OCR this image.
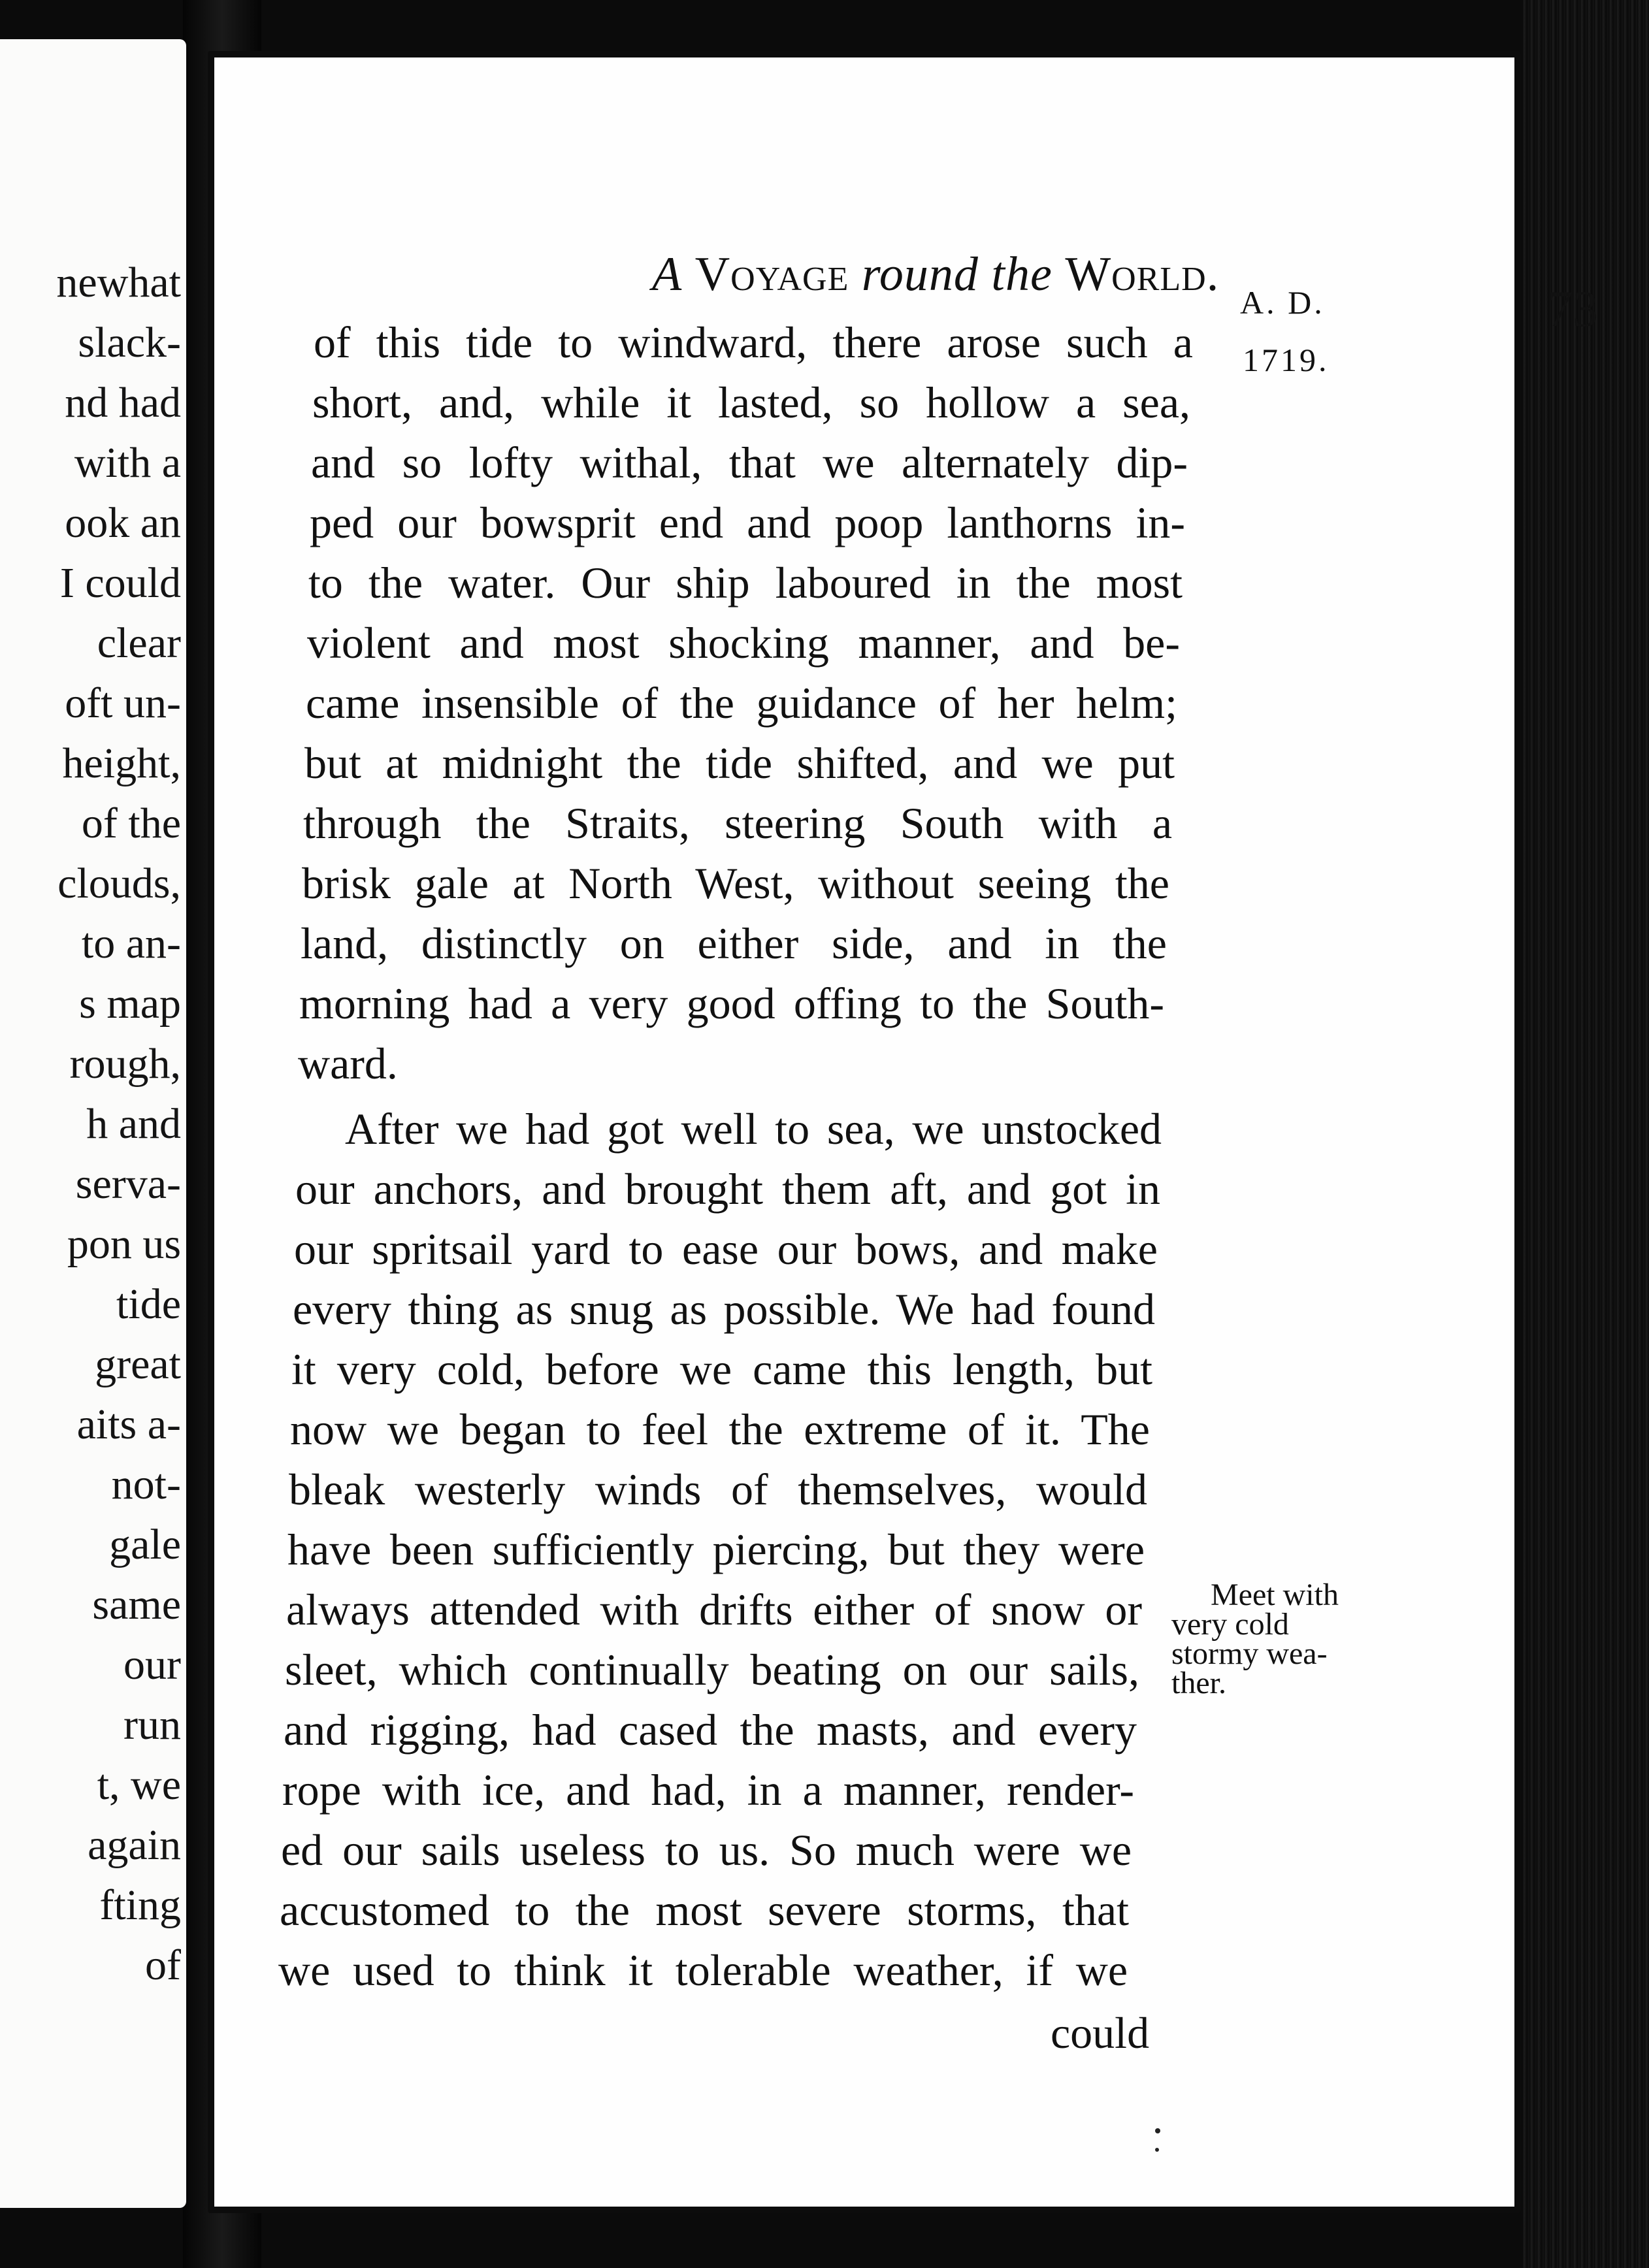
newhat
slack-
nd had
with a
ook an
I could
clear
oft un-
height,
of the
clouds,
to an-
s map
rough,
h and
serva-
pon us
tide
great
aits a-
not-
gale
same
our
run
t, we
again
fting
of
A Voyage round the World.
73
A. D.
1719.
Meet with
very cold
stormy wea-
ther.
of this tide to windward, there arose such a
short, and, while it lasted, so hollow a sea,
and so lofty withal, that we alternately dip-
ped our bowsprit end and poop lanthorns in-
to the water. Our ship laboured in the most
violent and most shocking manner, and be-
came insensible of the guidance of her helm;
but at midnight the tide shifted, and we put
through the Straits, steering South with a
brisk gale at North West, without seeing the
land, distinctly on either side, and in the
morning had a very good offing to the South-
ward.
After we had got well to sea, we unstocked
our anchors, and brought them aft, and got in
our spritsail yard to ease our bows, and make
every thing as snug as possible. We had found
it very cold, before we came this length, but
now we began to feel the extreme of it. The
bleak westerly winds of themselves, would
have been sufficiently piercing, but they were
always attended with drifts either of snow or
sleet, which continually beating on our sails,
and rigging, had cased the masts, and every
rope with ice, and had, in a manner, render-
ed our sails useless to us. So much were we
accustomed to the most severe storms, that
we used to think it tolerable weather, if we
could
